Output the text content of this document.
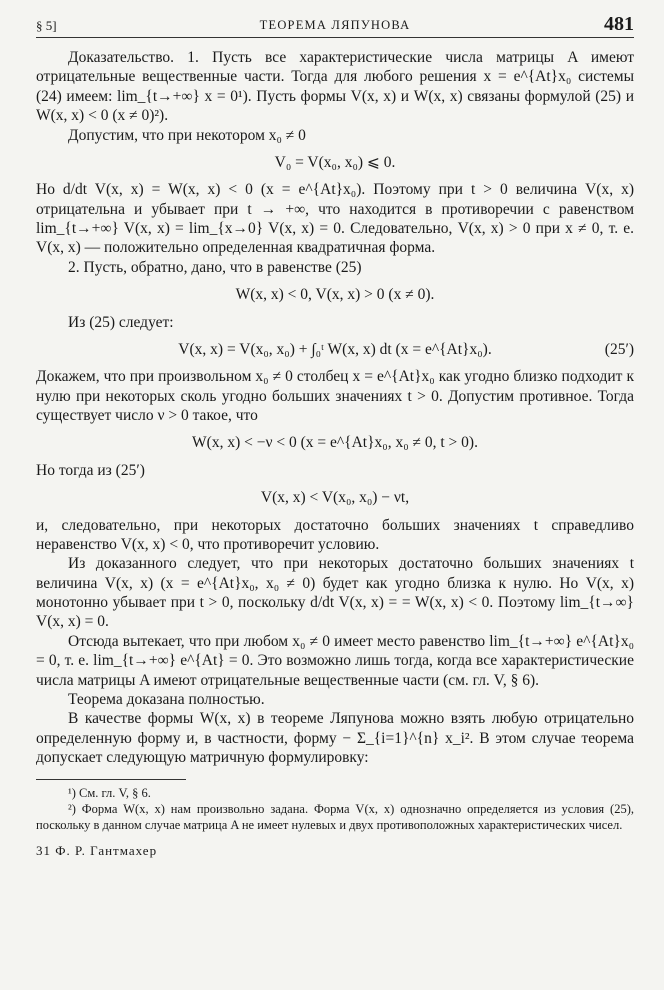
§ 5]	ТЕОРЕМА ЛЯПУНОВА	481

Доказательство. 1. Пусть все характеристические числа матрицы A имеют отрицательные вещественные части. Тогда для любого решения x = e^{At}x₀ системы (24) имеем: lim_{t→+∞} x = 0¹). Пусть формы V(x, x) и W(x, x) связаны формулой (25) и W(x, x) < 0 (x ≠ 0)²).

Допустим, что при некотором x₀ ≠ 0

V₀ = V(x₀, x₀) ⩽ 0.

Но d/dt V(x, x) = W(x, x) < 0 (x = e^{At}x₀). Поэтому при t > 0 величина V(x, x) отрицательна и убывает при t → +∞, что находится в противоречии с равенством lim_{t→+∞} V(x, x) = lim_{x→0} V(x, x) = 0. Следовательно, V(x, x) > 0 при x ≠ 0, т. е. V(x, x) — положительно определенная квадратичная форма.

2. Пусть, обратно, дано, что в равенстве (25)

W(x, x) < 0, V(x, x) > 0 (x ≠ 0).

Из (25) следует:

V(x, x) = V(x₀, x₀) + ∫₀ᵗ W(x, x) dt (x = e^{At}x₀).	(25′)

Докажем, что при произвольном x₀ ≠ 0 столбец x = e^{At}x₀ как угодно близко подходит к нулю при некоторых сколь угодно больших значениях t > 0. Допустим противное. Тогда существует число ν > 0 такое, что

W(x, x) < −ν < 0 (x = e^{At}x₀, x₀ ≠ 0, t > 0).

Но тогда из (25′)

V(x, x) < V(x₀, x₀) − νt,

и, следовательно, при некоторых достаточно больших значениях t справедливо неравенство V(x, x) < 0, что противоречит условию.

Из доказанного следует, что при некоторых достаточно больших значениях t величина V(x, x) (x = e^{At}x₀, x₀ ≠ 0) будет как угодно близка к нулю. Но V(x, x) монотонно убывает при t > 0, поскольку d/dt V(x, x) = = W(x, x) < 0. Поэтому lim_{t→∞} V(x, x) = 0.

Отсюда вытекает, что при любом x₀ ≠ 0 имеет место равенство lim_{t→+∞} e^{At}x₀ = 0, т. е. lim_{t→+∞} e^{At} = 0. Это возможно лишь тогда, когда все характеристические числа матрицы A имеют отрицательные вещественные части (см. гл. V, § 6).

Теорема доказана полностью.

В качестве формы W(x, x) в теореме Ляпунова можно взять любую отрицательно определенную форму и, в частности, форму − Σ_{i=1}^{n} x_i². В этом случае теорема допускает следующую матричную формулировку:

¹) См. гл. V, § 6.

²) Форма W(x, x) нам произвольно задана. Форма V(x, x) однозначно определяется из условия (25), поскольку в данном случае матрица A не имеет нулевых и двух противоположных характеристических чисел.

31 Ф. Р. Гантмахер
